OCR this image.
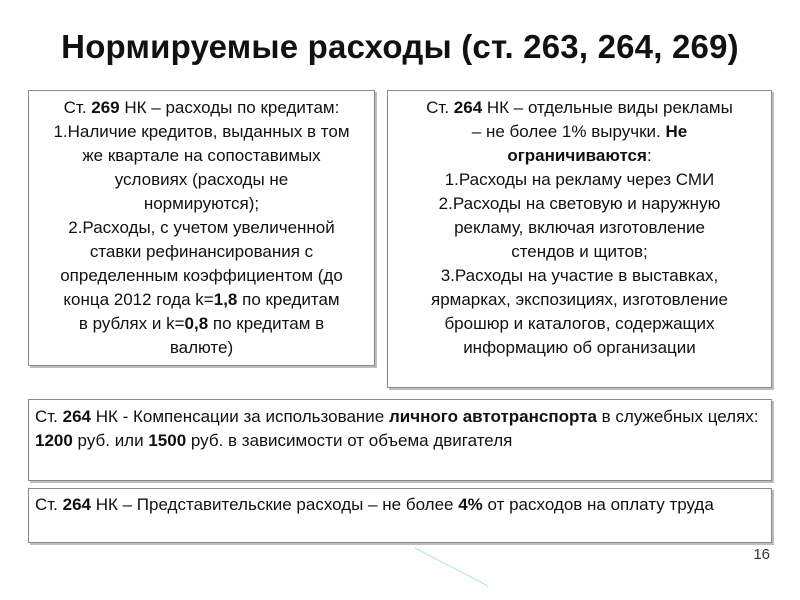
Нормируемые расходы (ст. 263, 264, 269)
Ст. 269 НК – расходы по кредитам:
1.Наличие кредитов, выданных в том
же квартале на сопоставимых
условиях (расходы не
нормируются);
2.Расходы, с учетом увеличенной
ставки рефинансирования с
определенным коэффициентом (до
конца 2012 года k=1,8 по кредитам
в рублях и k=0,8 по кредитам в
валюте)
Ст. 264 НК – отдельные виды рекламы
– не более 1% выручки. Не
ограничиваются:
1.Расходы на рекламу через СМИ
2.Расходы на световую и наружную
рекламу, включая изготовление
стендов и щитов;
3.Расходы на участие в выставках,
ярмарках, экспозициях, изготовление
брошюр и каталогов, содержащих
информацию об организации
Ст. 264 НК - Компенсации за использование личного автотранспорта в служебных целях: 1200 руб. или 1500 руб. в зависимости от объема двигателя
Ст. 264 НК – Представительские расходы – не более 4% от расходов на оплату труда
16
